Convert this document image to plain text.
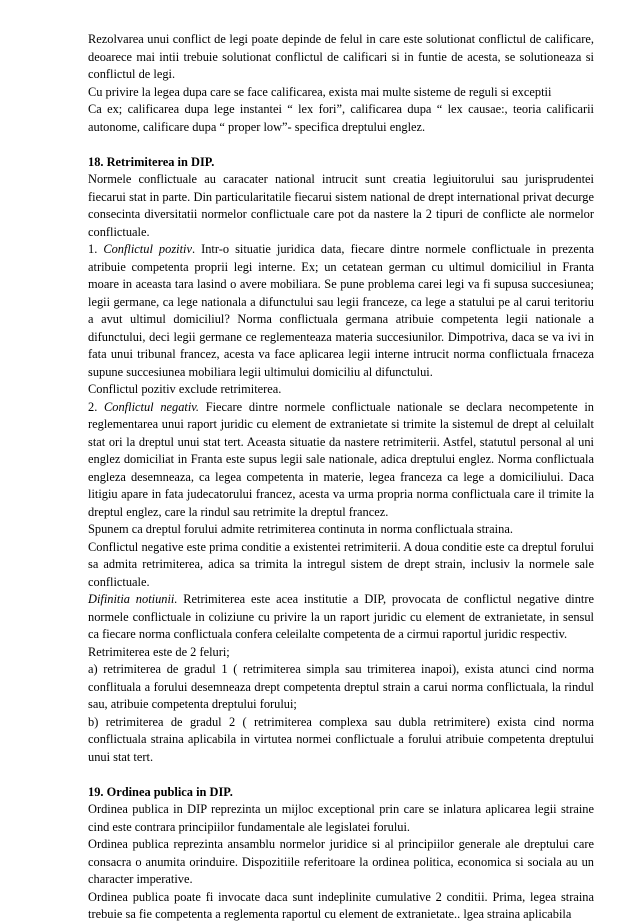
Rezolvarea unui conflict de legi poate depinde de felul in care este solutionat conflictul de calificare, deoarece mai intii trebuie solutionat conflictul de calificari si in funtie de acesta, se solutioneaza si conflictul de legi.

Cu privire la legea dupa care se face calificarea, exista mai multe sisteme de reguli si exceptii

Ca ex; calificarea dupa lege instantei “ lex fori”, calificarea dupa “ lex causae:, teoria calificarii autonome, calificare dupa “ proper low”- specifica dreptului englez.

18. Retrimiterea in DIP.

Normele conflictuale au caracater national intrucit sunt creatia legiuitorului sau jurisprudentei fiecarui stat in parte. Din particularitatile fiecarui sistem national de drept international privat decurge consecinta diversitatii normelor conflictuale care pot da nastere la 2 tipuri de conflicte ale normelor conflictuale.

1. Conflictul pozitiv. Intr-o situatie juridica data, fiecare dintre normele conflictuale in prezenta atribuie competenta proprii legi interne. Ex; un cetatean german cu ultimul domiciliul in Franta moare in aceasta tara lasind o avere mobiliara. Se pune problema carei legi va fi supusa succesiunea; legii germane, ca lege nationala a difunctului sau legii franceze, ca lege a statului pe al carui teritoriu a avut ultimul domiciliul? Norma conflictuala germana atribuie competenta legii nationale a difunctului, deci legii germane ce reglementeaza materia succesiunilor. Dimpotriva, daca se va ivi in fata unui tribunal francez, acesta va face aplicarea legii interne intrucit norma conflictuala frnaceza supune succesiunea mobiliara legii ultimului domiciliu al difunctului.

Conflictul pozitiv exclude retrimiterea.

2. Conflictul negativ. Fiecare dintre normele conflictuale nationale se declara necompetente in reglementarea unui raport juridic cu element de extranietate si trimite la sistemul de drept al celuilalt stat ori la dreptul unui stat tert. Aceasta situatie da nastere retrimiterii. Astfel, statutul personal al uni englez domiciliat in Franta este supus legii sale nationale, adica dreptului englez. Norma conflictuala engleza desemneaza, ca legea competenta in materie, legea franceza ca lege a domiciliului. Daca litigiu apare in fata judecatorului francez, acesta va urma propria norma conflictuala care il trimite la dreptul englez, care la rindul sau retrimite la dreptul francez.

Spunem ca dreptul forului admite retrimiterea continuta in norma conflictuala straina.

Conflictul negative este prima conditie a existentei retrimiterii. A doua conditie este ca dreptul forului sa admita retrimiterea, adica sa trimita la intregul sistem de drept strain, inclusiv la normele sale conflictuale.

Difinitia notiunii. Retrimiterea este acea institutie a DIP, provocata de conflictul negative dintre normele conflictuale in coliziune cu privire la un raport juridic cu element de extranietate, in sensul ca fiecare norma conflictuala confera celeilalte competenta de a cirmui raportul juridic respectiv.

Retrimiterea este de 2 feluri;

a) retrimiterea de gradul 1 ( retrimiterea simpla sau trimiterea inapoi), exista atunci cind norma conflituala a forului desemneaza drept competenta dreptul strain a carui norma conflictuala, la rindul sau, atribuie competenta dreptului forului;

b) retrimiterea de gradul 2 ( retrimiterea complexa sau dubla retrimitere) exista cind norma conflictuala straina aplicabila in virtutea normei conflictuale a forului atribuie competenta dreptului unui stat tert.

19. Ordinea publica in DIP.

Ordinea publica in DIP reprezinta un mijloc exceptional prin care se inlatura aplicarea legii straine cind este contrara principiilor fundamentale ale legislatei forului.

Ordinea publica reprezinta ansamblu normelor juridice si al principiilor generale ale dreptului care consacra o anumita orinduire. Dispozitiile referitoare la ordinea politica, economica si sociala au un character imperative.

Ordinea publica poate fi invocate daca sunt indeplinite cumulative 2 conditii. Prima, legea straina trebuie sa fie competenta a reglementa raportul cu element de extranietate.. lgea straina aplicabila
